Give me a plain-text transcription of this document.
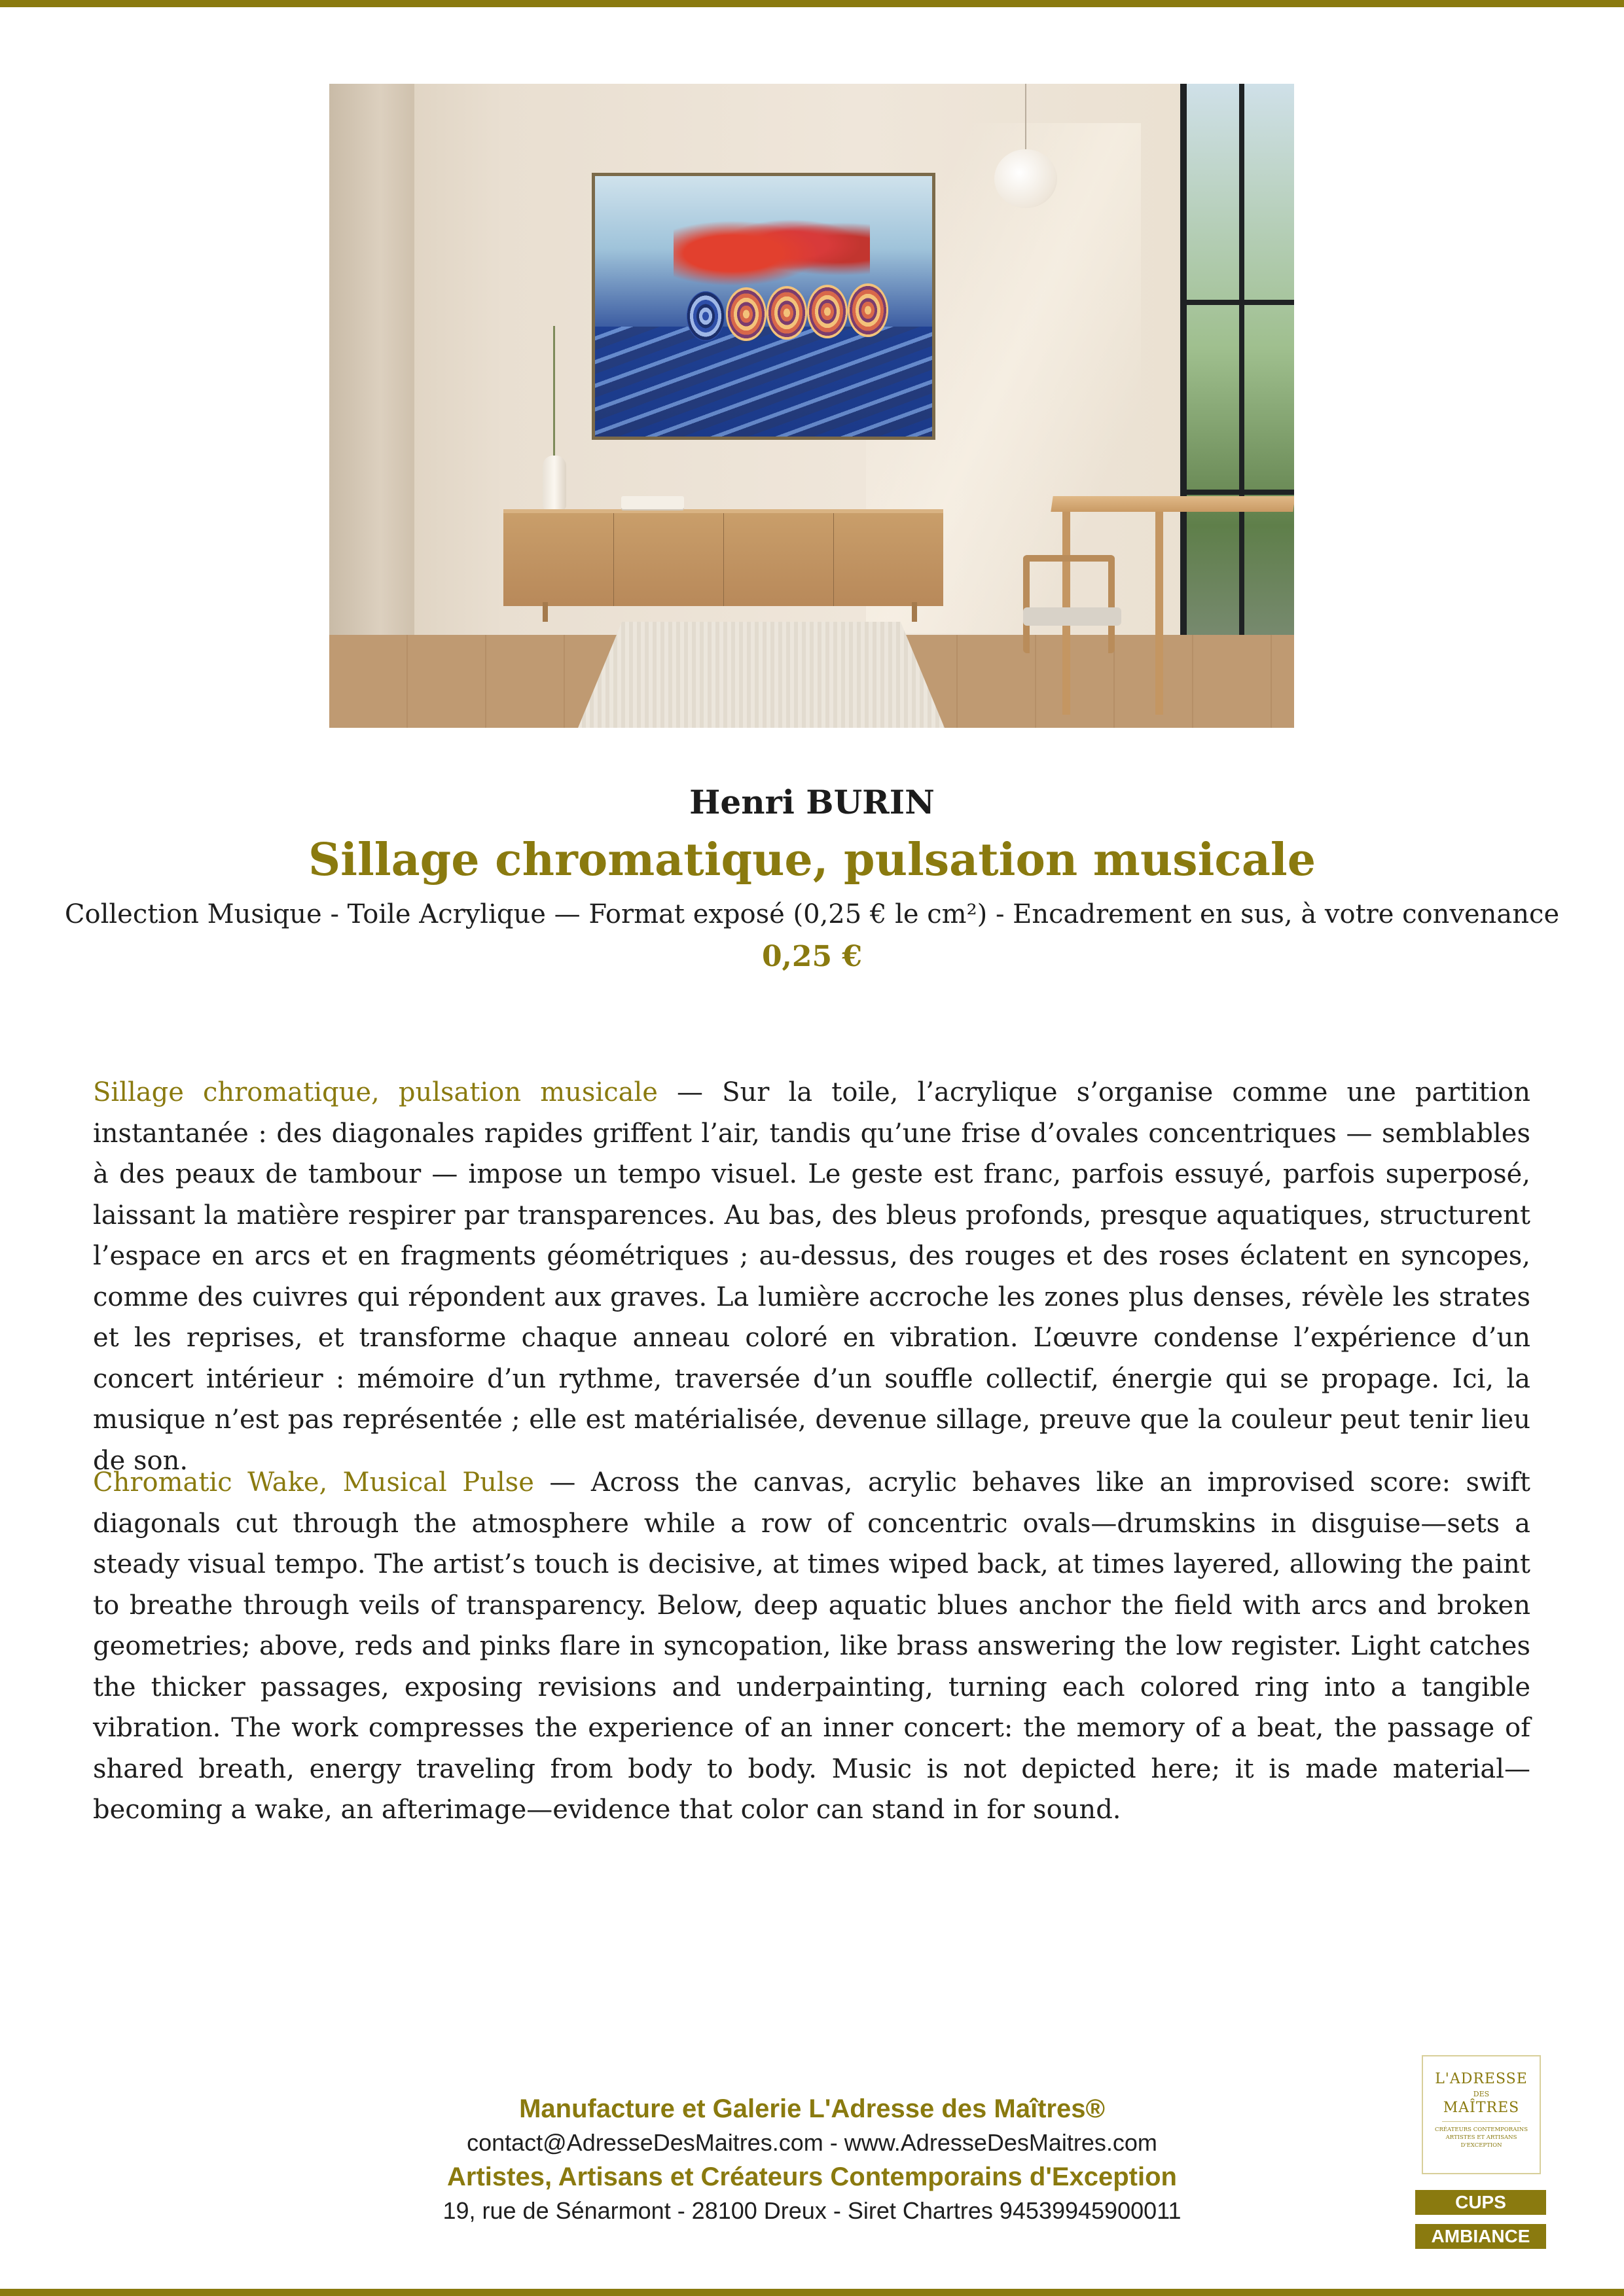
Henri BURIN
Sillage chromatique, pulsation musicale
Collection Musique - Toile Acrylique — Format exposé (0,25 € le cm²) - Encadrement en sus, à votre convenance
0,25 €

Sillage chromatique, pulsation musicale — Sur la toile, l’acrylique s’organise comme une partition instantanée : des diagonales rapides griffent l’air, tandis qu’une frise d’ovales concentriques — semblables à des peaux de tambour — impose un tempo visuel. Le geste est franc, parfois essuyé, parfois superposé, laissant la matière respirer par transparences. Au bas, des bleus profonds, presque aquatiques, structurent l’espace en arcs et en fragments géométriques ; au-dessus, des rouges et des roses éclatent en syncopes, comme des cuivres qui répondent aux graves. La lumière accroche les zones plus denses, révèle les strates et les reprises, et transforme chaque anneau coloré en vibration. L’œuvre condense l’expérience d’un concert intérieur : mémoire d’un rythme, traversée d’un souffle collectif, énergie qui se propage. Ici, la musique n’est pas représentée ; elle est matérialisée, devenue sillage, preuve que la couleur peut tenir lieu de son.

Chromatic Wake, Musical Pulse — Across the canvas, acrylic behaves like an improvised score: swift diagonals cut through the atmosphere while a row of concentric ovals—drumskins in disguise—sets a steady visual tempo. The artist’s touch is decisive, at times wiped back, at times layered, allowing the paint to breathe through veils of transparency. Below, deep aquatic blues anchor the field with arcs and broken geometries; above, reds and pinks flare in syncopation, like brass answering the low register. Light catches the thicker passages, exposing revisions and underpainting, turning each colored ring into a tangible vibration. The work compresses the experience of an inner concert: the memory of a beat, the passage of shared breath, energy traveling from body to body. Music is not depicted here; it is made material—becoming a wake, an afterimage—evidence that color can stand in for sound.

Manufacture et Galerie L'Adresse des Maîtres®
contact@AdresseDesMaitres.com - www.AdresseDesMaitres.com
Artistes, Artisans et Créateurs Contemporains d'Exception
19, rue de Sénarmont - 28100 Dreux - Siret Chartres 94539945900011
L'ADRESSE
DES
MAÎTRES
CRÉATEURS CONTEMPORAINS ARTISTES ET ARTISANS D'EXCEPTION
CUPS
AMBIANCE
